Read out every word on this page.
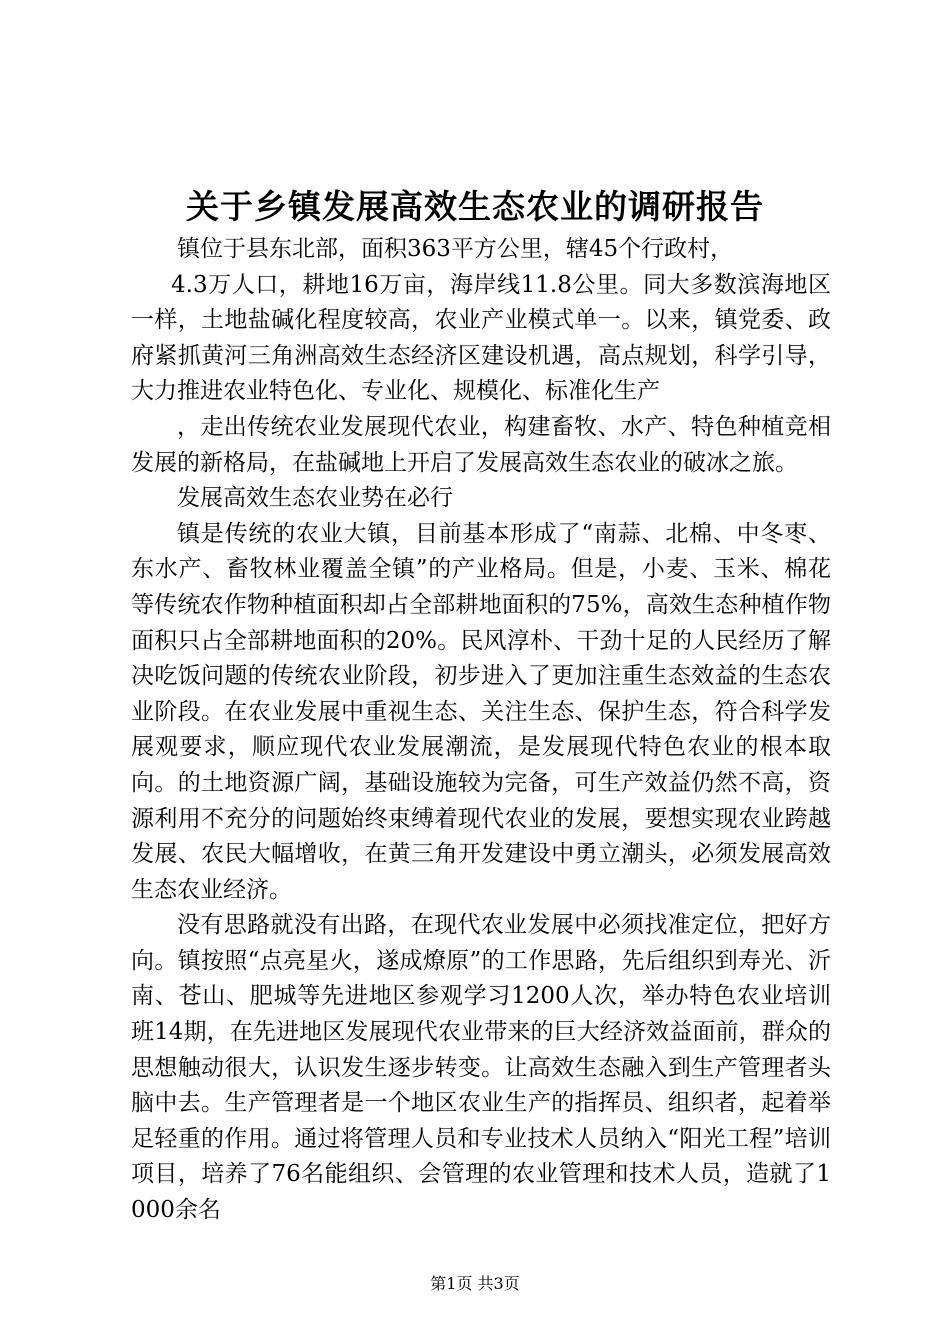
关于乡镇发展高效生态农业的调研报告

镇位于县东北部，面积363平方公里，辖45个行政村，

4.3万人口，耕地16万亩，海岸线11.8公里。同大多数滨海地区一样，土地盐碱化程度较高，农业产业模式单一。以来，镇党委、政府紧抓黄河三角洲高效生态经济区建设机遇，高点规划，科学引导，大力推进农业特色化、专业化、规模化、标准化生产

，走出传统农业发展现代农业，构建畜牧、水产、特色种植竞相发展的新格局，在盐碱地上开启了发展高效生态农业的破冰之旅。

发展高效生态农业势在必行

镇是传统的农业大镇，目前基本形成了“南蒜、北棉、中冬枣、东水产、畜牧林业覆盖全镇”的产业格局。但是，小麦、玉米、棉花等传统农作物种植面积却占全部耕地面积的75%，高效生态种植作物面积只占全部耕地面积的20%。民风淳朴、干劲十足的人民经历了解决吃饭问题的传统农业阶段，初步进入了更加注重生态效益的生态农业阶段。在农业发展中重视生态、关注生态、保护生态，符合科学发展观要求，顺应现代农业发展潮流，是发展现代特色农业的根本取向。的土地资源广阔，基础设施较为完备，可生产效益仍然不高，资源利用不充分的问题始终束缚着现代农业的发展，要想实现农业跨越发展、农民大幅增收，在黄三角开发建设中勇立潮头，必须发展高效生态农业经济。

没有思路就没有出路，在现代农业发展中必须找准定位，把好方向。镇按照“点亮星火，遂成燎原”的工作思路，先后组织到寿光、沂南、苍山、肥城等先进地区参观学习1200人次，举办特色农业培训班14期，在先进地区发展现代农业带来的巨大经济效益面前，群众的思想触动很大，认识发生逐步转变。让高效生态融入到生产管理者头脑中去。生产管理者是一个地区农业生产的指挥员、组织者，起着举足轻重的作用。通过将管理人员和专业技术人员纳入“阳光工程”培训项目，培养了76名能组织、会管理的农业管理和技术人员，造就了1000余名

第1页 共3页
